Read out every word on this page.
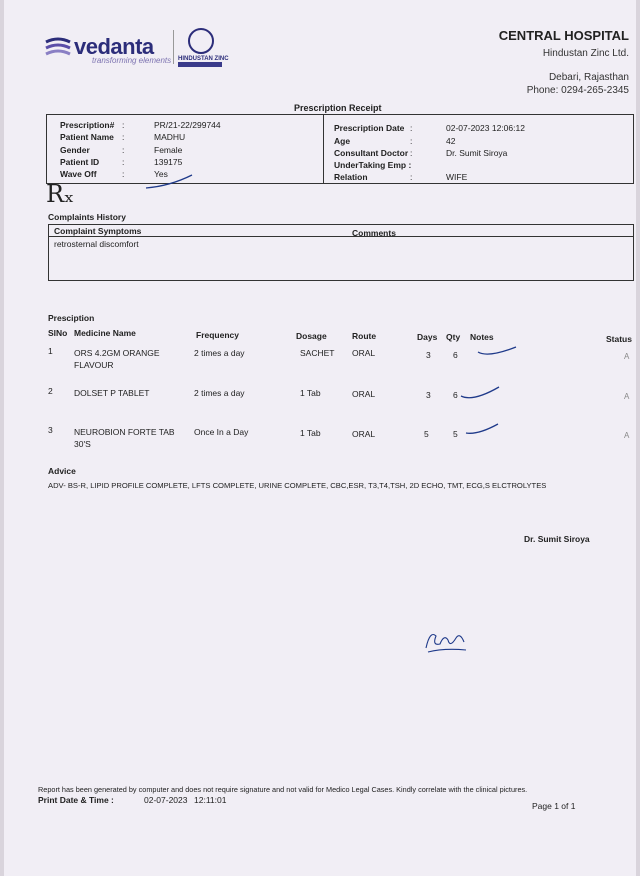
vedanta
transforming elements HINDUSTAN ZINC
CENTRAL HOSPITAL
Hindustan Zinc Ltd.
Debari, Rajasthan
Phone: 0294-265-2345
Prescription Receipt
Prescription# :	PR/21-22/299744
Patient Name :	MADHU
Gender	:	Female
Patient ID	:	139175
Wave Off	:	Yes
Prescription Date :	02-07-2023 12:06:12
Age	:	42
Consultant Doctor :	Dr. Sumit Siroya
UnderTaking Emp :
Relation	:	WIFE
Rₓ
Complaints History
Complaint Symptoms	Comments
retrosternal discomfort
Presciption
SlNo Medicine Name	Frequency	Dosage	Route	Days Qty Notes	Status
1	ORS 4.2GM ORANGE
FLAVOUR
2 times a day	SACHET ORAL	3	6	A
2	DOLSET P TABLET	2 times a day	1 Tab	ORAL	3	6	A
3	NEUROBION FORTE TAB
30'S
Once In a Day	1 Tab	ORAL	5	5	A
Advice
ADV- BS-R, LIPID PROFILE COMPLETE, LFTS COMPLETE, URINE COMPLETE, CBC,ESR, T3,T4,TSH, 2D ECHO, TMT, ECG,S ELCTROLYTES
Dr. Sumit Siroya
Report has been generated by computer and does not require signature and not valid for Medico Legal Cases. Kindly correlate with the clinical pictures.
Print Date & Time :	02-07-2023 12:11:01
Page 1 of 1
